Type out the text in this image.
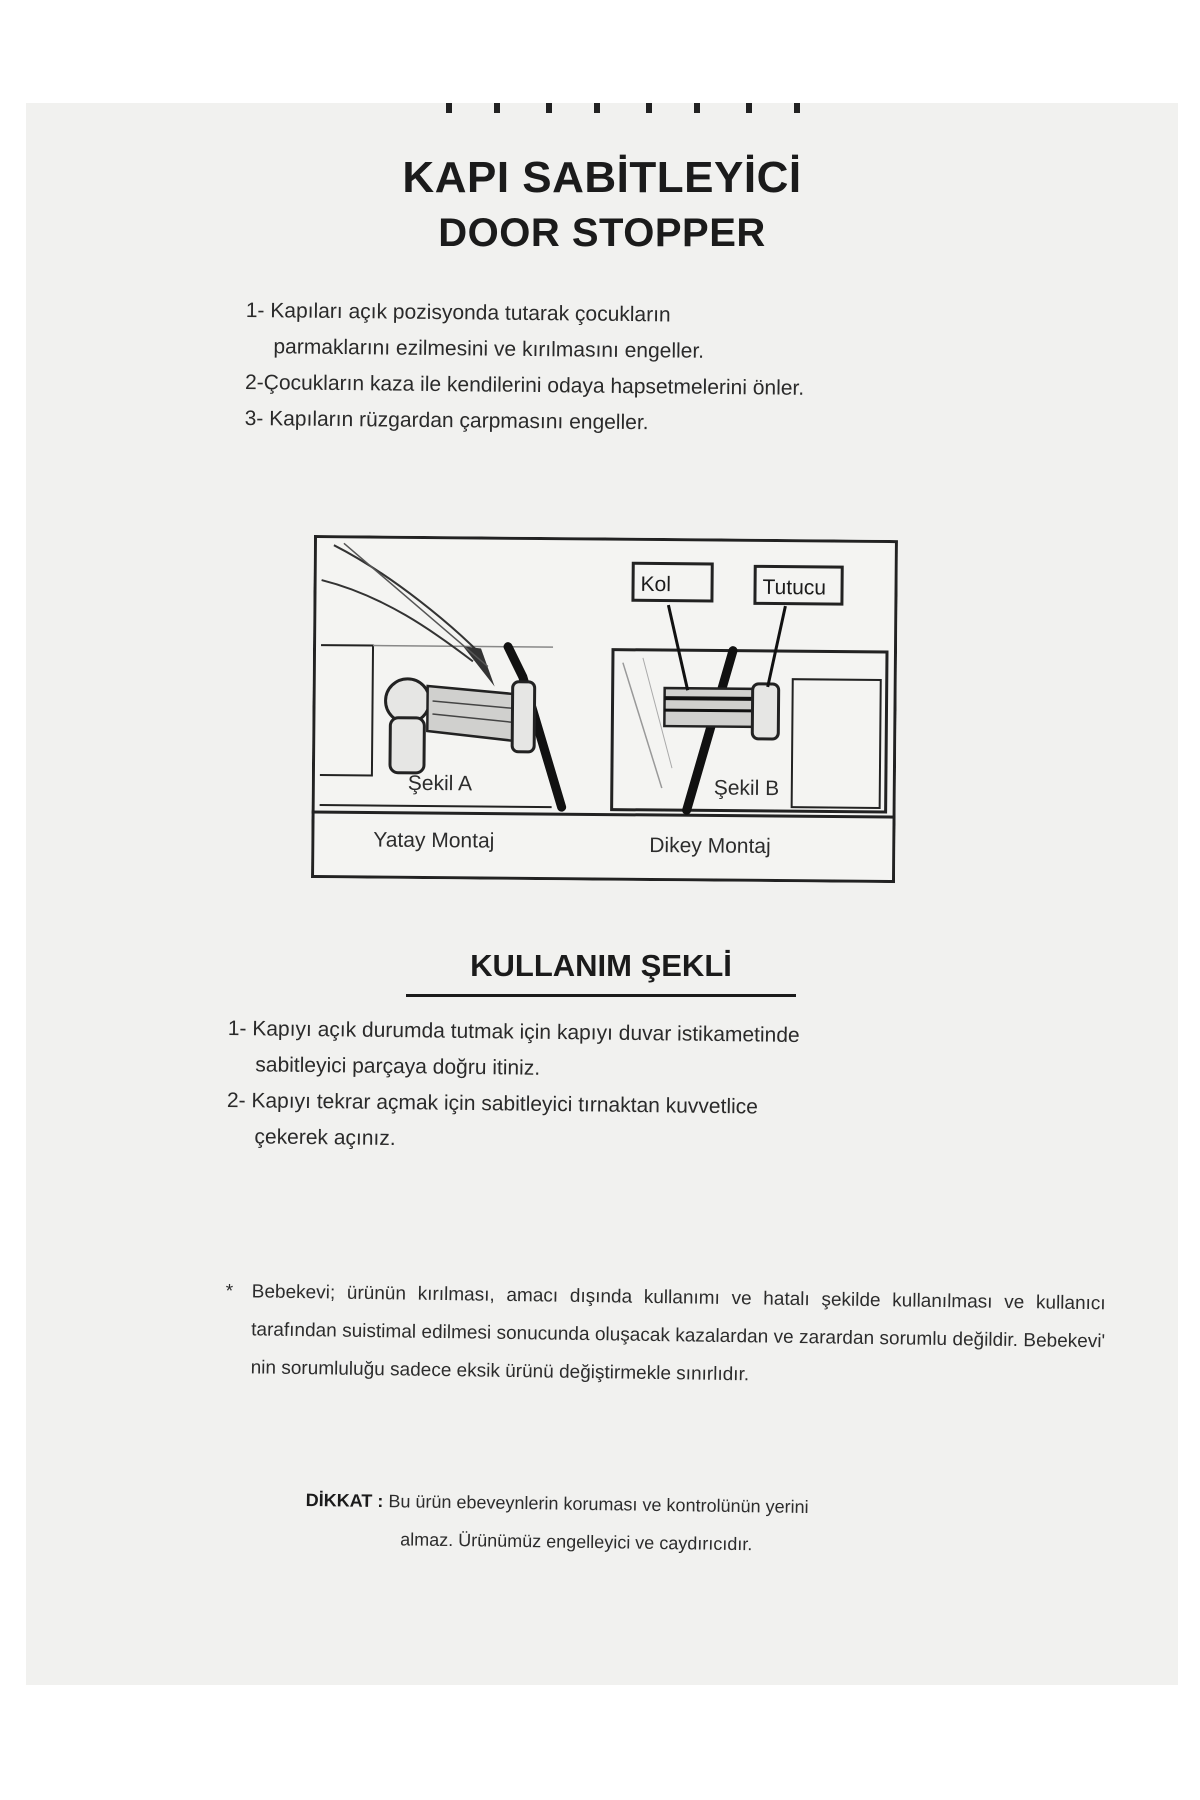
KAPI SABİTLEYİCİ
DOOR STOPPER
1- Kapıları açık pozisyonda tutarak çocukların
parmaklarını ezilmesini ve kırılmasını engeller.
2-Çocukların kaza ile kendilerini odaya hapsetmelerini önler.
3- Kapıların rüzgardan çarpmasını engeller.
Kol	Tutucu
Şekil A	Şekil B
Yatay Montaj	Dikey Montaj
KULLANIM ŞEKLİ
1- Kapıyı açık durumda tutmak için kapıyı duvar istikametinde
sabitleyici parçaya doğru itiniz.
2- Kapıyı tekrar açmak için sabitleyici tırnaktan kuvvetlice
çekerek açınız.
* Bebekevi; ürünün kırılması, amacı dışında kullanımı ve hatalı şekilde kullanılması ve kullanıcı tarafından suistimal edilmesi sonucunda oluşacak kazalardan ve zarardan sorumlu değildir. Bebekevi' nin sorumluluğu sadece eksik ürünü değiştirmekle sınırlıdır.
DİKKAT : Bu ürün ebeveynlerin koruması ve kontrolünün yerini
almaz. Ürünümüz engelleyici ve caydırıcıdır.
